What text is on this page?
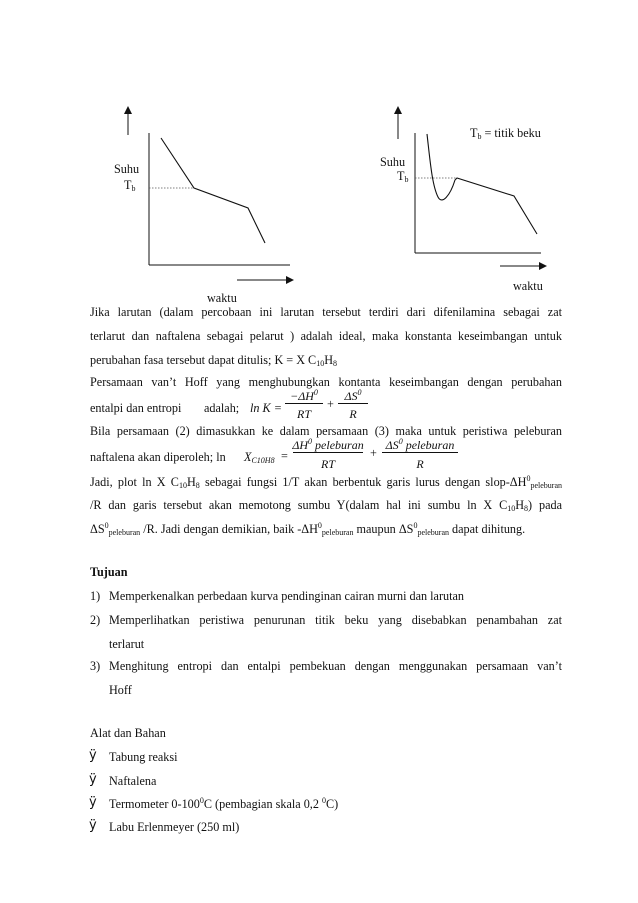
Suhu
$T_b$
waktu
$T_b$ = titik beku
Suhu
$T_b$
waktu
Jika larutan (dalam percobaan ini larutan tersebut terdiri dari difenilamina sebagai zat
terlarut dan naftalena sebagai pelarut ) adalah ideal, maka konstanta keseimbangan untuk
perubahan fasa tersebut dapat ditulis; K = X $C_{10}H_8$
Persamaan van’t Hoff yang menghubungkan kontanta keseimbangan dengan perubahan
entalpi dan entropi adalah; ln K =
$-\Delta H^0$
RT
+
$\Delta S^0$
R
Bila persamaan (2) dimasukkan ke dalam persamaan (3) maka untuk peristiwa peleburan
naftalena akan diperoleh; $\ln X_{C10H8}$ =
$\Delta H^0$ peleburan
RT
+
$\Delta S^0$ peleburan
R
Jadi, plot ln X $C_{10}H_8$ sebagai fungsi 1/T akan berbentuk garis lurus dengan slop-$\Delta H^0_{peleburan}$
/R dan garis tersebut akan memotong sumbu Y(dalam hal ini sumbu ln X $C_{10}H_8$) pada
$\Delta S^0_{peleburan}$ /R. Jadi dengan demikian, baik $-\Delta H^0_{peleburan}$ maupun $\Delta S^0_{peleburan}$ dapat dihitung.
Tujuan
1) Memperkenalkan perbedaan kurva pendinginan cairan murni dan larutan
2) Memperlihatkan peristiwa penurunan titik beku yang disebabkan penambahan zat
terlarut
3) Menghitung entropi dan entalpi pembekuan dengan menggunakan persamaan van’t
Hoff
Alat dan Bahan
ÿ Tabung reaksi
ÿ Naftalena
ÿ Termometer $0-100^0C$ (pembagian skala 0,2 $^0$C)
ÿ Labu Erlenmeyer (250 ml)
